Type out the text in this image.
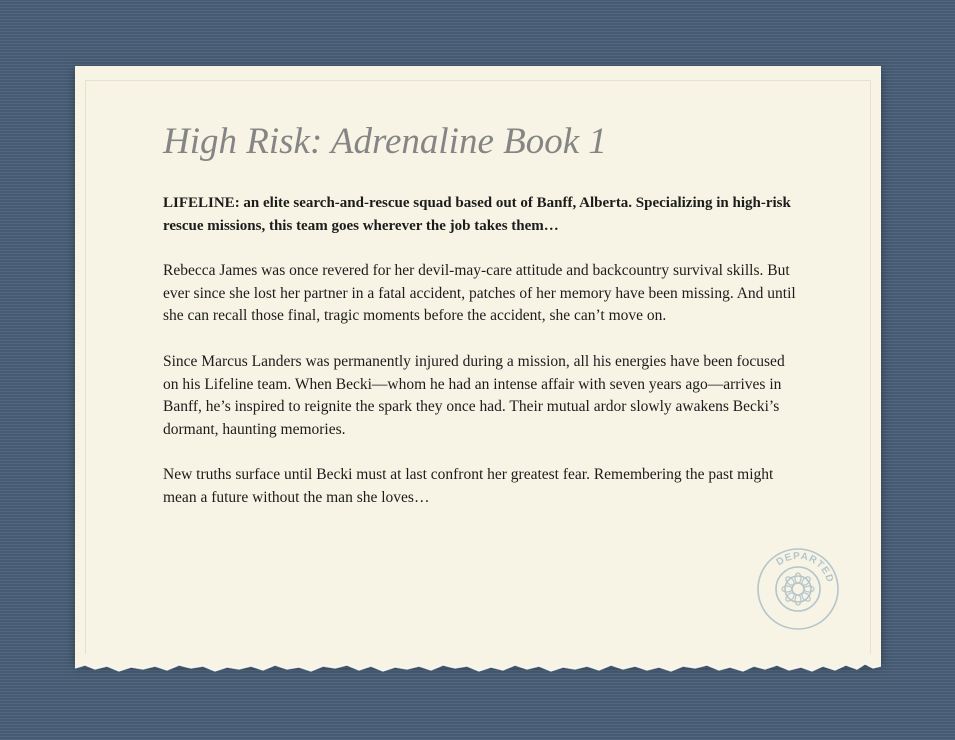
High Risk: Adrenaline Book 1

LIFELINE: an elite search-and-rescue squad based out of Banff, Alberta. Specializing in high-risk rescue missions, this team goes wherever the job takes them…

Rebecca James was once revered for her devil-may-care attitude and backcountry survival skills. But ever since she lost her partner in a fatal accident, patches of her memory have been missing. And until she can recall those final, tragic moments before the accident, she can’t move on.

Since Marcus Landers was permanently injured during a mission, all his energies have been focused on his Lifeline team. When Becki—whom he had an intense affair with seven years ago—arrives in Banff, he’s inspired to reignite the spark they once had. Their mutual ardor slowly awakens Becki’s dormant, haunting memories.

New truths surface until Becki must at last confront her greatest fear. Remembering the past might mean a future without the man she loves…

DEPARTED
